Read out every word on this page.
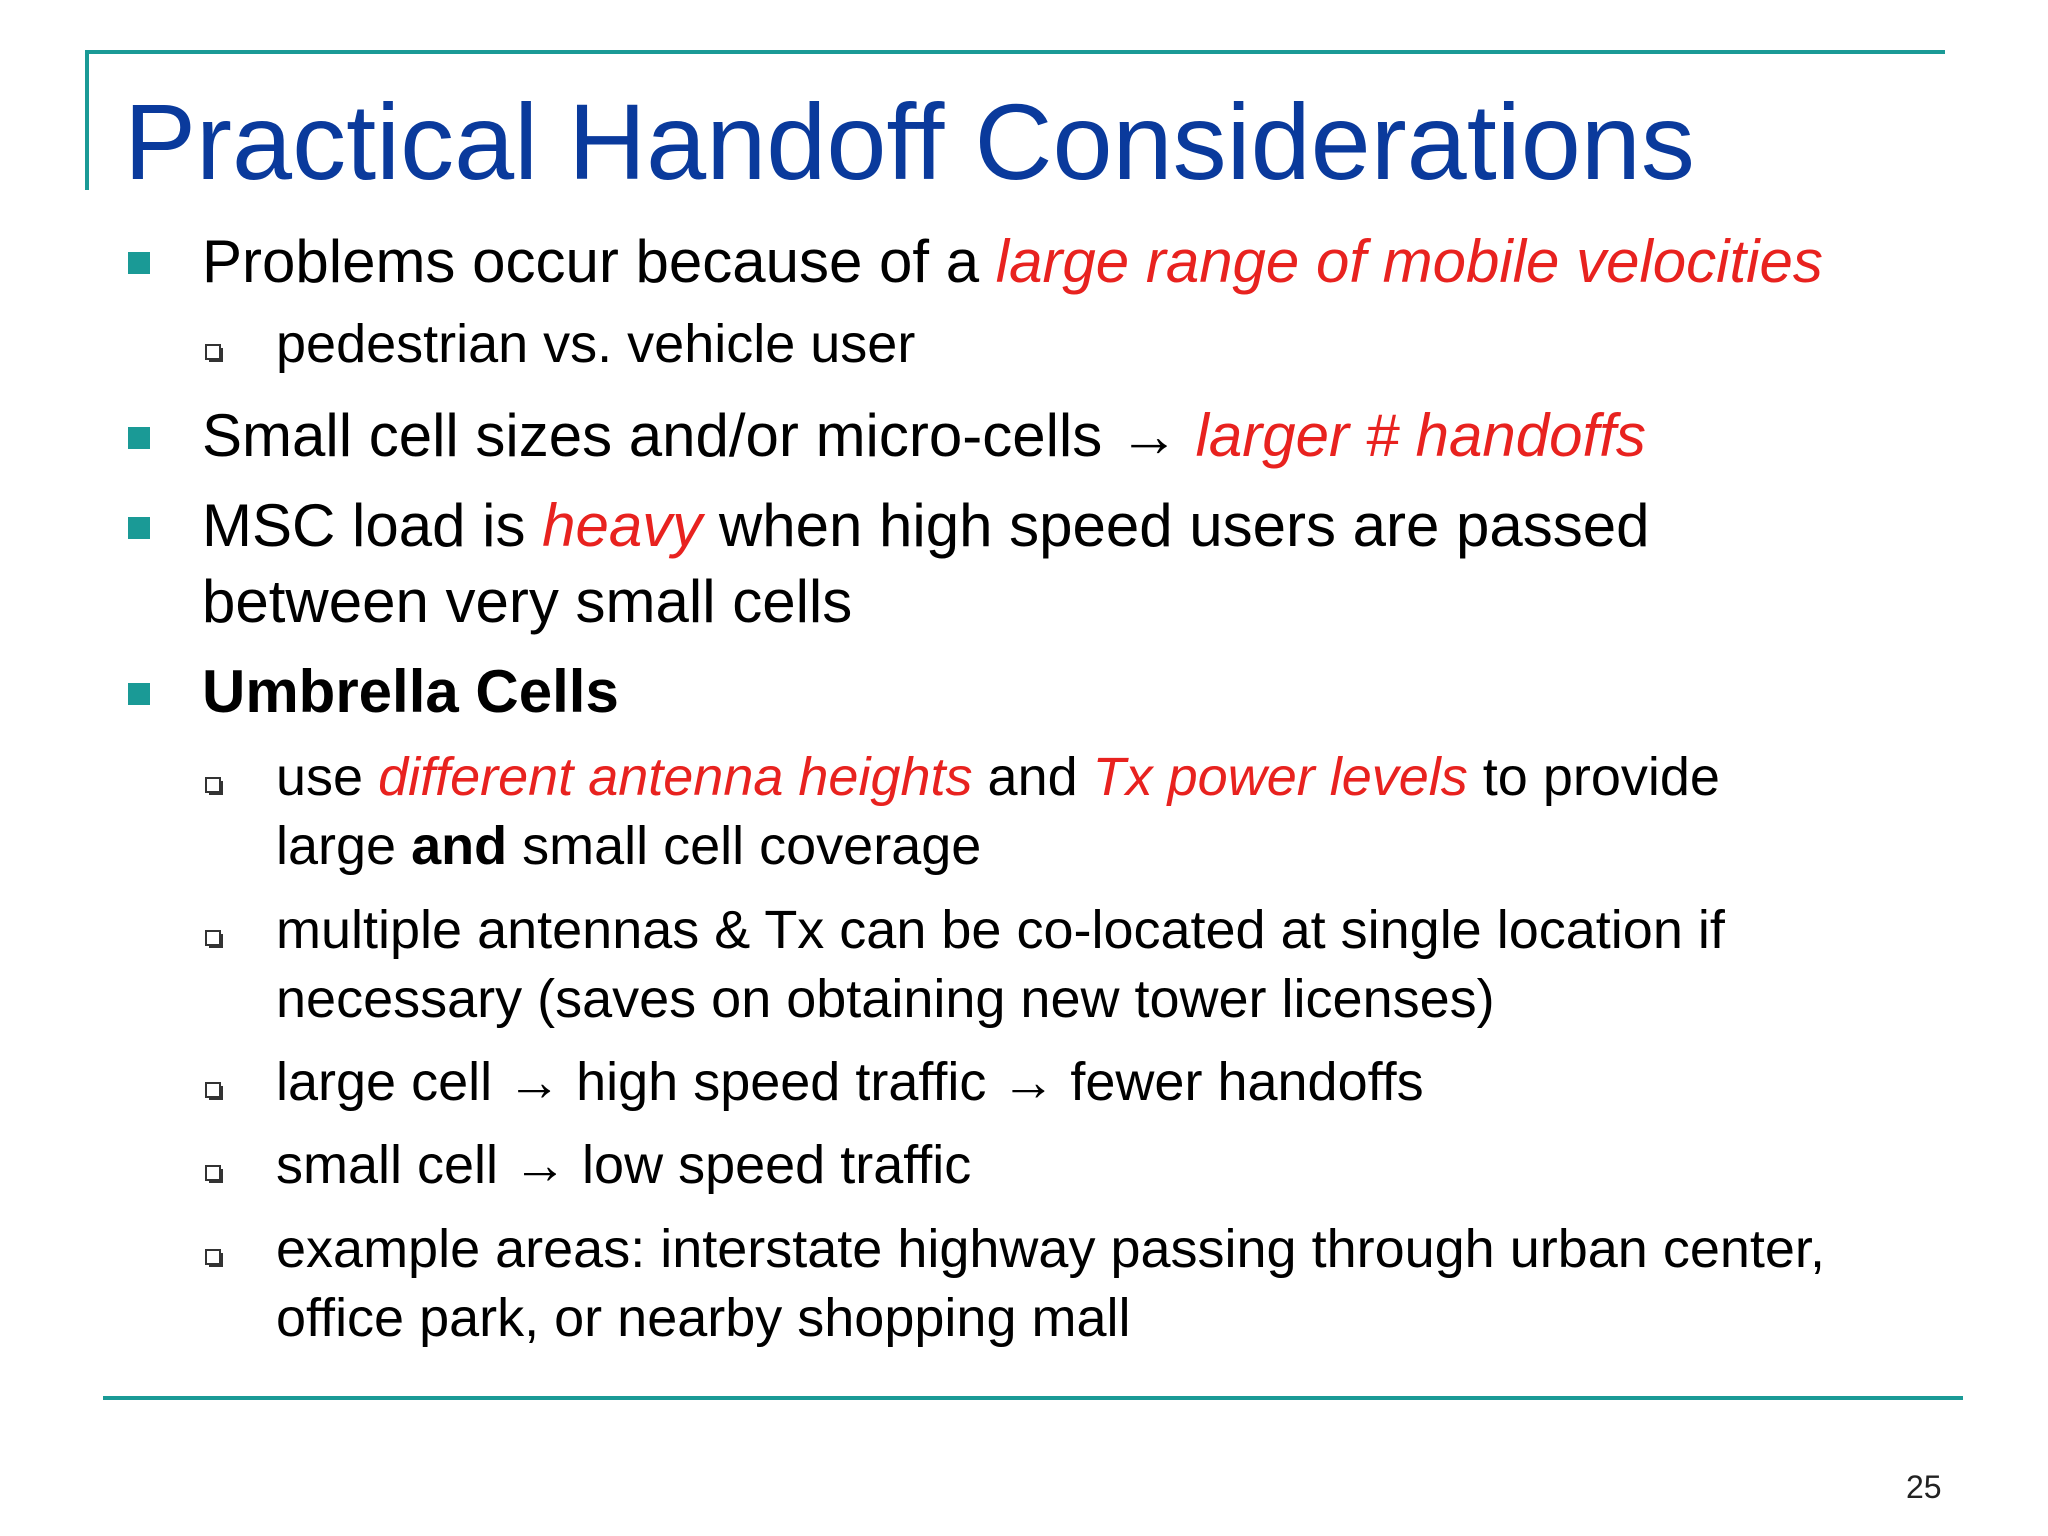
Practical Handoff Considerations
Problems occur because of a large range of mobile velocities
pedestrian vs. vehicle user
Small cell sizes and/or micro-cells → larger # handoffs
MSC load is heavy when high speed users are passed
between very small cells
Umbrella Cells
use different antenna heights and Tx power levels to provide
large and small cell coverage
multiple antennas & Tx can be co-located at single location if
necessary (saves on obtaining new tower licenses)
large cell → high speed traffic → fewer handoffs
small cell → low speed traffic
example areas: interstate highway passing through urban center,
office park, or nearby shopping mall
25
